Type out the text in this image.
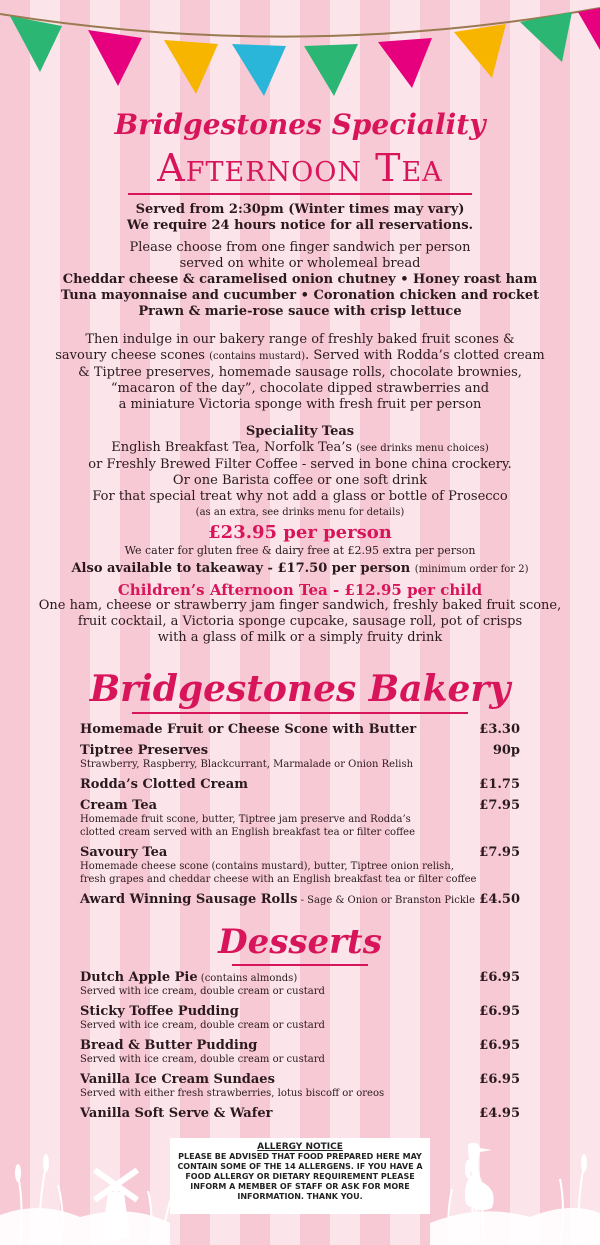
Bridgestones Speciality
Afternoon Tea
Served from 2:30pm (Winter times may vary)
We require 24 hours notice for all reservations.
Please choose from one finger sandwich per person
served on white or wholemeal bread
Cheddar cheese & caramelised onion chutney • Honey roast ham
Tuna mayonnaise and cucumber • Coronation chicken and rocket
Prawn & marie-rose sauce with crisp lettuce
Then indulge in our bakery range of freshly baked fruit scones &
savoury cheese scones (contains mustard). Served with Rodda’s clotted cream
& Tiptree preserves, homemade sausage rolls, chocolate brownies,
“macaron of the day”, chocolate dipped strawberries and
a miniature Victoria sponge with fresh fruit per person
Speciality Teas
English Breakfast Tea, Norfolk Tea’s (see drinks menu choices)
or Freshly Brewed Filter Coffee - served in bone china crockery.
Or one Barista coffee or one soft drink
For that special treat why not add a glass or bottle of Prosecco
(as an extra, see drinks menu for details)
£23.95 per person
We cater for gluten free & dairy free at £2.95 extra per person
Also available to takeaway - £17.50 per person (minimum order for 2)
Children’s Afternoon Tea - £12.95 per child
One ham, cheese or strawberry jam finger sandwich, freshly baked fruit scone,
fruit cocktail, a Victoria sponge cupcake, sausage roll, pot of crisps
with a glass of milk or a simply fruity drink
Bridgestones Bakery
Homemade Fruit or Cheese Scone with Butter	£3.30
Tiptree Preserves	90p
Strawberry, Raspberry, Blackcurrant, Marmalade or Onion Relish
Rodda’s Clotted Cream	£1.75
Cream Tea	£7.95
Homemade fruit scone, butter, Tiptree jam preserve and Rodda’s clotted cream served with an English breakfast tea or filter coffee
Savoury Tea	£7.95
Homemade cheese scone (contains mustard), butter, Tiptree onion relish, fresh grapes and cheddar cheese with an English breakfast tea or filter coffee
Award Winning Sausage Rolls - Sage & Onion or Branston Pickle £4.50
Desserts
Dutch Apple Pie (contains almonds)	£6.95
Served with ice cream, double cream or custard
Sticky Toffee Pudding	£6.95
Served with ice cream, double cream or custard
Bread & Butter Pudding	£6.95
Served with ice cream, double cream or custard
Vanilla Ice Cream Sundaes	£6.95
Served with either fresh strawberries, lotus biscoff or oreos
Vanilla Soft Serve & Wafer	£4.95
ALLERGY NOTICE
PLEASE BE ADVISED THAT FOOD PREPARED HERE MAY CONTAIN SOME OF THE 14 ALLERGENS. IF YOU HAVE A FOOD ALLERGY OR DIETARY REQUIREMENT PLEASE INFORM A MEMBER OF STAFF OR ASK FOR MORE INFORMATION. THANK YOU.
